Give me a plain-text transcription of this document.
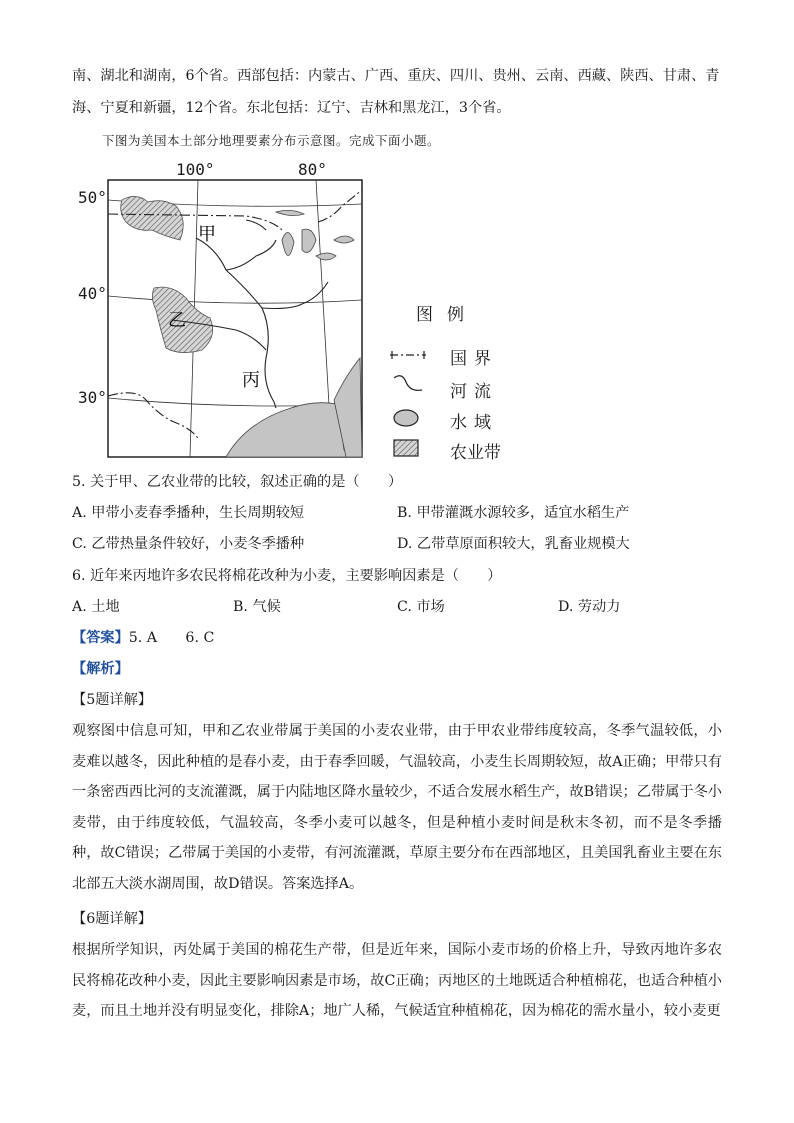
南、湖北和湖南，6个省。西部包括：内蒙古、广西、重庆、四川、贵州、云南、西藏、陕西、甘肃、青
海、宁夏和新疆，12个省。东北包括：辽宁、吉林和黑龙江，3个省。
下图为美国本土部分地理要素分布示意图。完成下面小题。
100°	80°
50°
40°
30°
甲
乙
丙
图例
国界
河流
水域
农业带
5. 关于甲、乙农业带的比较，叙述正确的是（　　）
A. 甲带小麦春季播种，生长周期较短	B. 甲带灌溉水源较多，适宜水稻生产
C. 乙带热量条件较好，小麦冬季播种	D. 乙带草原面积较大，乳畜业规模大
6. 近年来丙地许多农民将棉花改种为小麦，主要影响因素是（　　）
A. 土地	B. 气候	C. 市场	D. 劳动力
【答案】5. A　　6. C
【解析】
【5题详解】
观察图中信息可知，甲和乙农业带属于美国的小麦农业带，由于甲农业带纬度较高，冬季气温较低，小麦难以越冬，因此种植的是春小麦，由于春季回暖，气温较高，小麦生长周期较短，故A正确；甲带只有一条密西西比河的支流灌溉，属于内陆地区降水量较少，不适合发展水稻生产，故B错误；乙带属于冬小麦带，由于纬度较低，气温较高，冬季小麦可以越冬，但是种植小麦时间是秋末冬初，而不是冬季播种，故C错误；乙带属于美国的小麦带，有河流灌溉，草原主要分布在西部地区，且美国乳畜业主要在东北部五大淡水湖周围，故D错误。答案选择A。
【6题详解】
根据所学知识，丙处属于美国的棉花生产带，但是近年来，国际小麦市场的价格上升，导致丙地许多农民将棉花改种小麦，因此主要影响因素是市场，故C正确；丙地区的土地既适合种植棉花，也适合种植小麦，而且土地并没有明显变化，排除A；地广人稀，气候适宜种植棉花，因为棉花的需水量小，较小麦更
